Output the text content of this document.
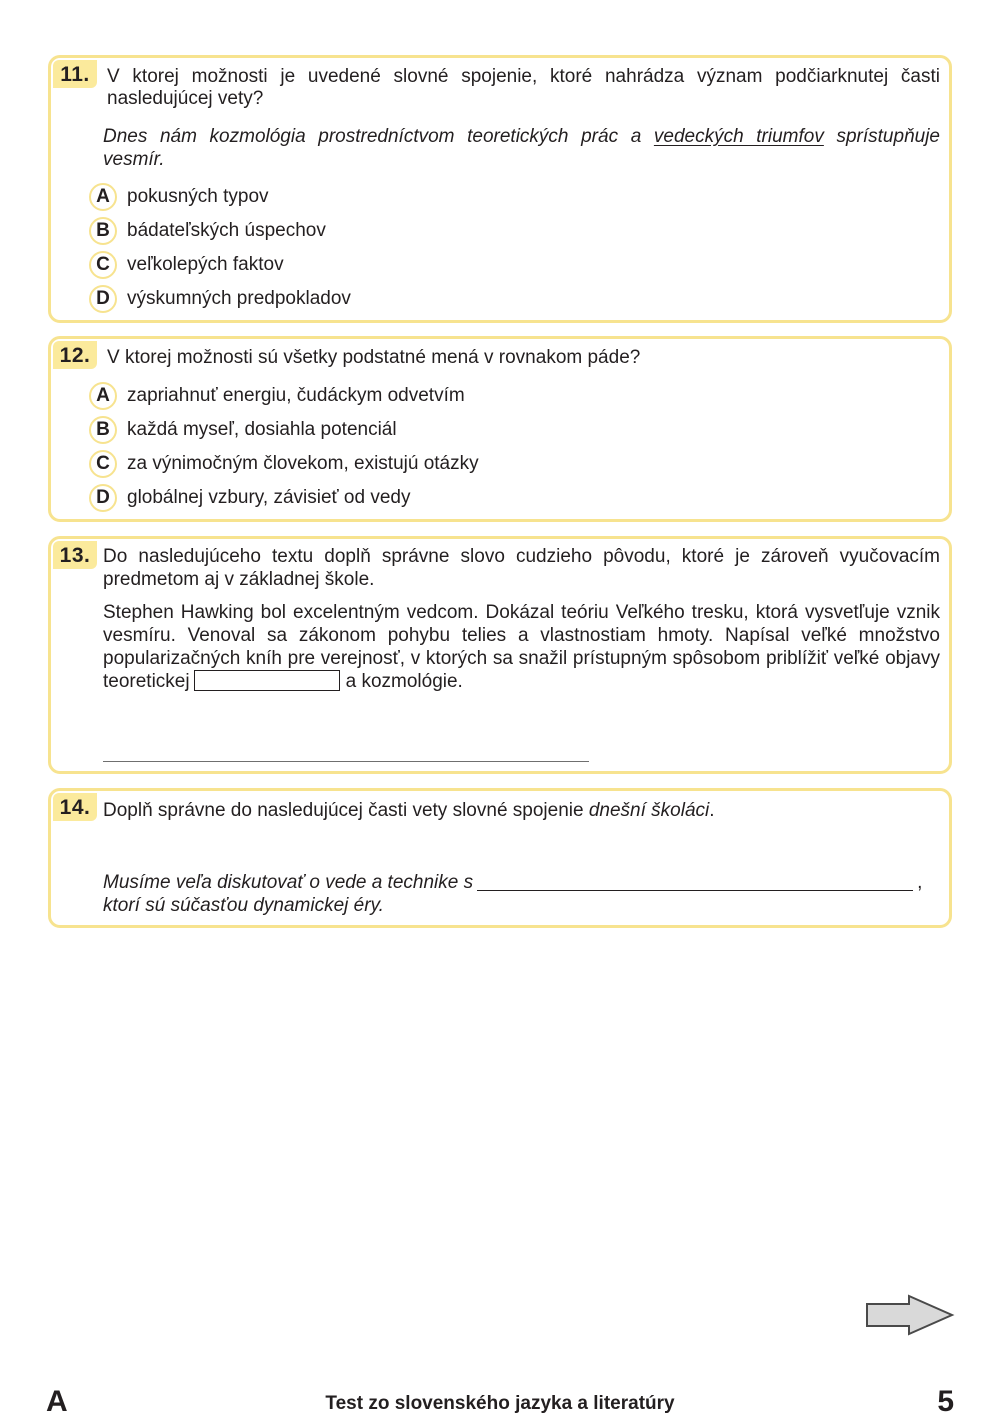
11. V ktorej možnosti je uvedené slovné spojenie, ktoré nahrádza význam podčiarknutej časti nasledujúcej vety?
Dnes nám kozmológia prostredníctvom teoretických prác a vedeckých triumfov sprístupňuje vesmír.
A pokusných typov
B bádateľských úspechov
C veľkolepých faktov
D výskumných predpokladov
12. V ktorej možnosti sú všetky podstatné mená v rovnakom páde?
A zapriahnuť energiu, čudáckym odvetvím
B každá myseľ, dosiahla potenciál
C za výnimočným človekom, existujú otázky
D globálnej vzbury, závisieť od vedy
13. Do nasledujúceho textu doplň správne slovo cudzieho pôvodu, ktoré je zároveň vyučovacím predmetom aj v základnej škole.
Stephen Hawking bol excelentným vedcom. Dokázal teóriu Veľkého tresku, ktorá vysvetľuje vznik vesmíru. Venoval sa zákonom pohybu telies a vlastnostiam hmoty. Napísal veľké množstvo popularizačných kníh pre verejnosť, v ktorých sa snažil prístupným spôsobom priblížiť veľké objavy teoretickej	a kozmológie.
14. Doplň správne do nasledujúcej časti vety slovné spojenie dnešní školáci.
Musíme veľa diskutovať o vede a technike s	,
ktorí sú súčasťou dynamickej éry.
A	Test zo slovenského jazyka a literatúry	5
